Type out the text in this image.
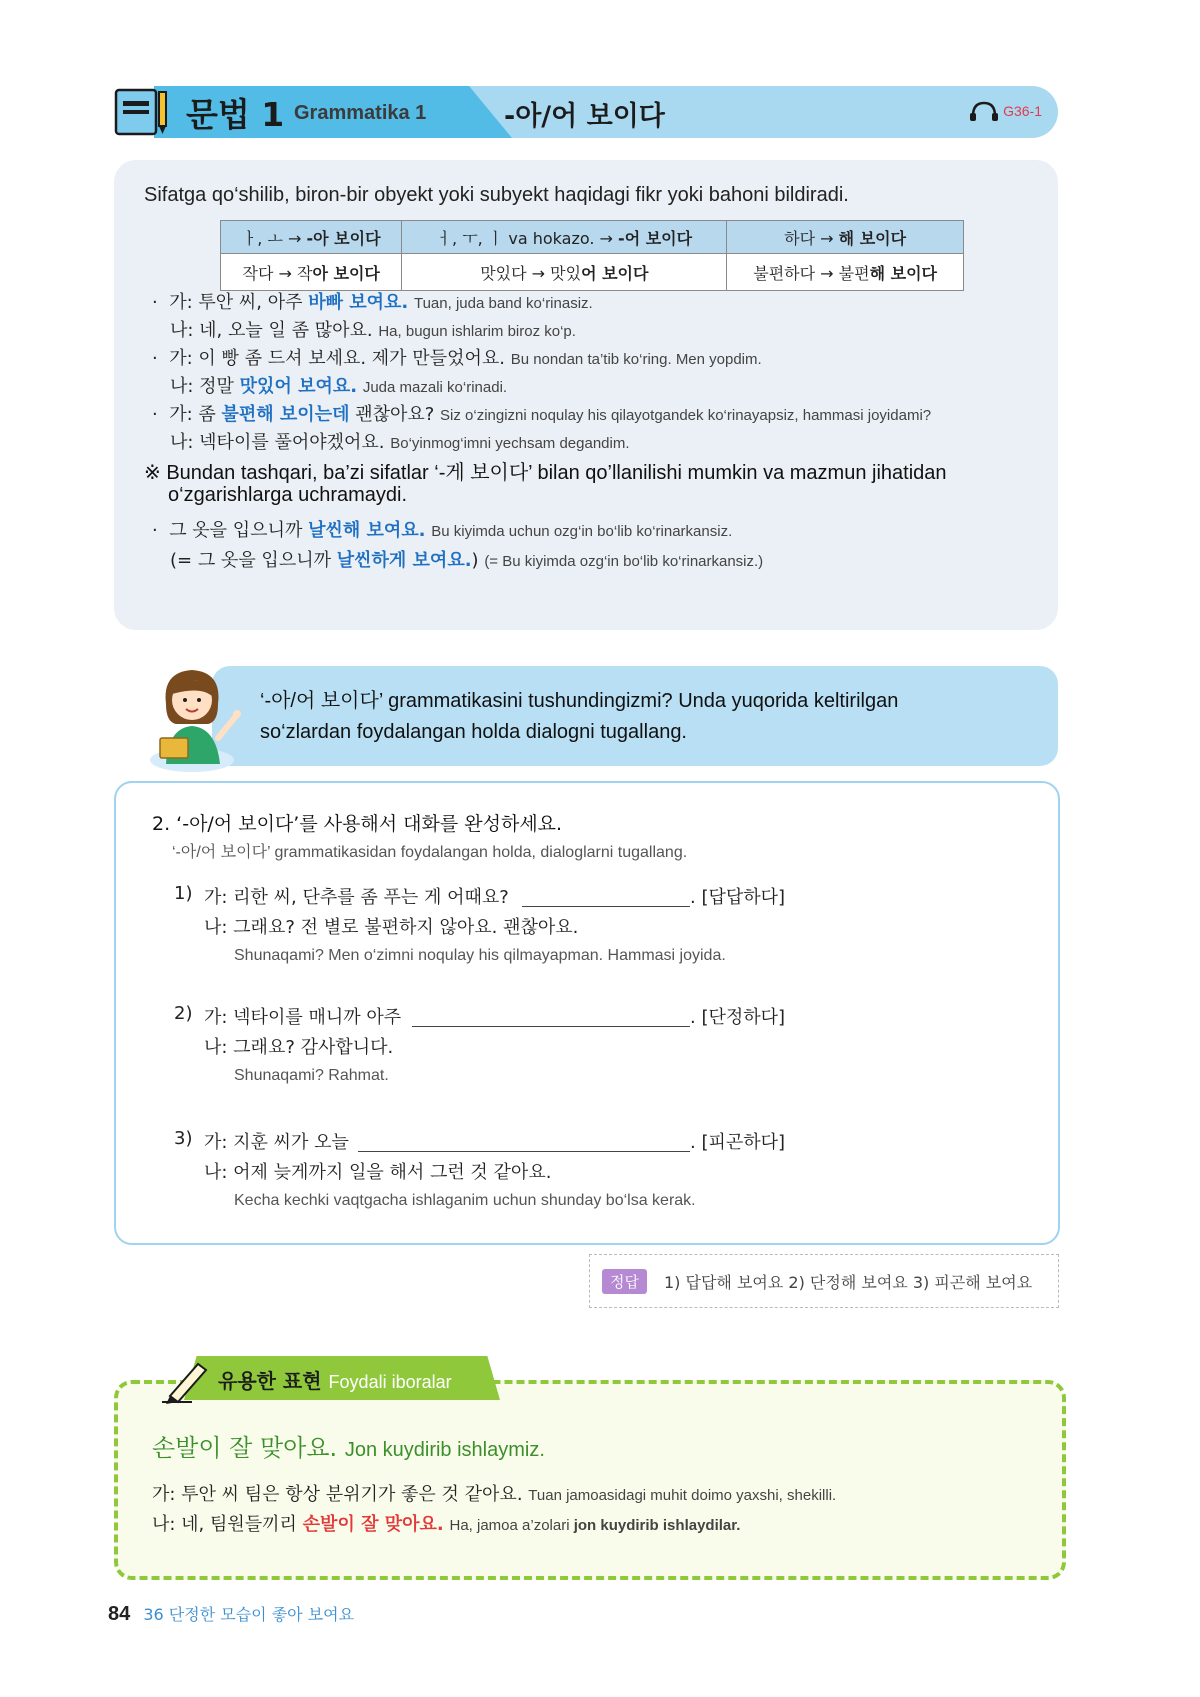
문법 1 Grammatika 1	-아/어 보이다	G36-1
Sifatga qo‘shilib, biron-bir obyekt yoki subyekt haqidagi fikr yoki bahoni bildiradi.
ㅏ, ㅗ → -아 보이다	ㅓ, ㅜ, ㅣ va hokazo. → -어 보이다	하다 → 해 보이다
작다 → 작아 보이다	맛있다 → 맛있어 보이다	불편하다 → 불편해 보이다
· 가: 투안 씨, 아주 바빠 보여요. Tuan, juda band ko‘rinasiz.
나: 네, 오늘 일 좀 많아요. Ha, bugun ishlarim biroz ko‘p.
· 가: 이 빵 좀 드셔 보세요. 제가 만들었어요. Bu nondan ta’tib ko‘ring. Men yopdim.
나: 정말 맛있어 보여요. Juda mazali ko‘rinadi.
· 가: 좀 불편해 보이는데 괜찮아요? Siz o‘zingizni noqulay his qilayotgandek ko‘rinayapsiz, hammasi joyidami?
나: 넥타이를 풀어야겠어요. Bo‘yinmog‘imni yechsam degandim.
※ Bundan tashqari, ba’zi sifatlar ‘-게 보이다’ bilan qo’llanilishi mumkin va mazmun jihatidan
o‘zgarishlarga uchramaydi.
· 그 옷을 입으니까 날씬해 보여요. Bu kiyimda uchun ozg‘in bo‘lib ko‘rinarkansiz.
(= 그 옷을 입으니까 날씬하게 보여요.) (= Bu kiyimda ozg‘in bo‘lib ko‘rinarkansiz.)
‘-아/어 보이다’ grammatikasini tushundingizmi? Unda yuqorida keltirilgan
so‘zlardan foydalangan holda dialogni tugallang.
2. ‘-아/어 보이다’를 사용해서 대화를 완성하세요.
‘-아/어 보이다’ grammatikasidan foydalangan holda, dialoglarni tugallang.
1) 가: 리한 씨, 단추를 좀 푸는 게 어때요?	. [답답하다]
나: 그래요? 전 별로 불편하지 않아요. 괜찮아요.
Shunaqami? Men o‘zimni noqulay his qilmayapman. Hammasi joyida.
2) 가: 넥타이를 매니까 아주	. [단정하다]
나: 그래요? 감사합니다.
Shunaqami? Rahmat.
3) 가: 지훈 씨가 오늘	. [피곤하다]
나: 어제 늦게까지 일을 해서 그런 것 같아요.
Kecha kechki vaqtgacha ishlaganim uchun shunday bo‘lsa kerak.
정답	1) 답답해 보여요 2) 단정해 보여요 3) 피곤해 보여요
손발이 잘 맞아요. Jon kuydirib ishlaymiz.
가: 투안 씨 팀은 항상 분위기가 좋은 것 같아요. Tuan jamoasidagi muhit doimo yaxshi, shekilli.
나: 네, 팀원들끼리 손발이 잘 맞아요. Ha, jamoa a’zolari jon kuydirib ishlaydilar.
유용한 표현 Foydali iboralar
84 36 단정한 모습이 좋아 보여요
